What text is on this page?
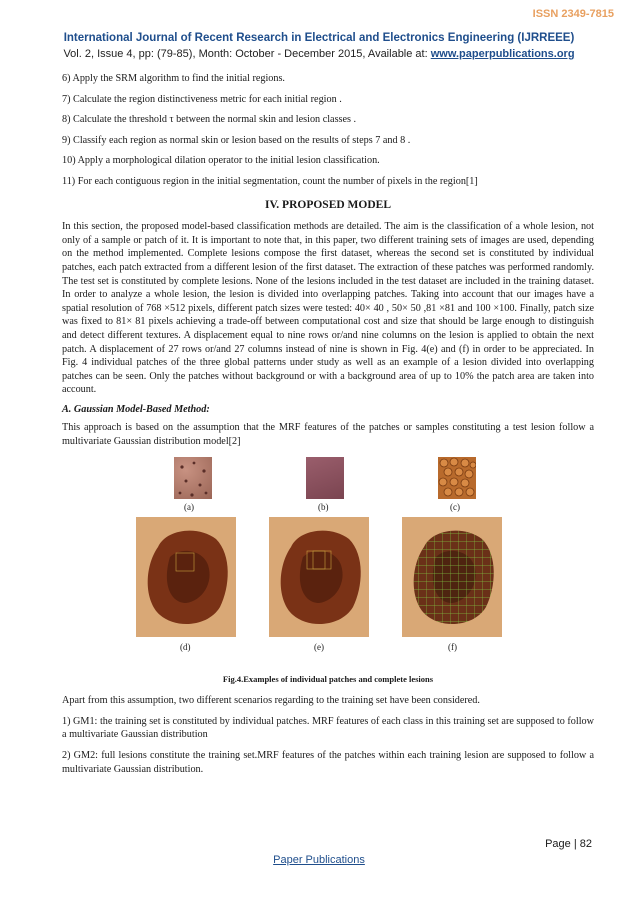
ISSN 2349-7815
International Journal of Recent Research in Electrical and Electronics Engineering (IJRREEE)
Vol. 2, Issue 4, pp: (79-85), Month: October - December 2015, Available at: www.paperpublications.org

6) Apply the SRM algorithm to find the initial regions.

7) Calculate the region distinctiveness metric for each initial region .

8) Calculate the threshold τ between the normal skin and lesion classes .

9) Classify each region as normal skin or lesion based on the results of steps 7 and 8 .

10) Apply a morphological dilation operator to the initial lesion classification.

11) For each contiguous region in the initial segmentation, count the number of pixels in the region[1]

IV. PROPOSED MODEL

In this section, the proposed model-based classification methods are detailed. The aim is the classification of a whole lesion, not only of a sample or patch of it. It is important to note that, in this paper, two different training sets of images are used, depending on the method implemented. Complete lesions compose the first dataset, whereas the second set is constituted by individual patches, each patch extracted from a different lesion of the first dataset. The extraction of these patches was performed randomly. The test set is constituted by complete lesions. None of the lesions included in the test dataset are included in the training dataset. In order to analyze a whole lesion, the lesion is divided into overlapping patches. Taking into account that our images have a spatial resolution of 768 ×512 pixels, different patch sizes were tested: 40× 40 , 50× 50 ,81 ×81 and 100 ×100. Finally, patch size was fixed to 81× 81 pixels achieving a trade-off between computational cost and size that should be large enough to distinguish and detect different textures. A displacement equal to nine rows or/and nine columns on the lesion is applied to obtain the next patch. A displacement of 27 rows or/and 27 columns instead of nine is shown in Fig. 4(e) and (f) in order to be appreciated. In Fig. 4 individual patches of the three global patterns under study as well as an example of a lesion divided into overlapping patches can be seen. Only the patches without background or with a background area of up to 10% the patch area are taken into account.

A. Gaussian Model-Based Method:

This approach is based on the assumption that the MRF features of the patches or samples constituting a test lesion follow a multivariate Gaussian distribution model[2]

(a)	(b)	(c)
(d)	(e)	(f)
Fig.4.Examples of individual patches and complete lesions

Apart from this assumption, two different scenarios regarding to the training set have been considered.

1) GM1: the training set is constituted by individual patches. MRF features of each class in this training set are supposed to follow a multivariate Gaussian distribution

2) GM2: full lesions constitute the training set.MRF features of the patches within each training lesion are supposed to follow a multivariate Gaussian distribution.

Page | 82
Paper Publications
